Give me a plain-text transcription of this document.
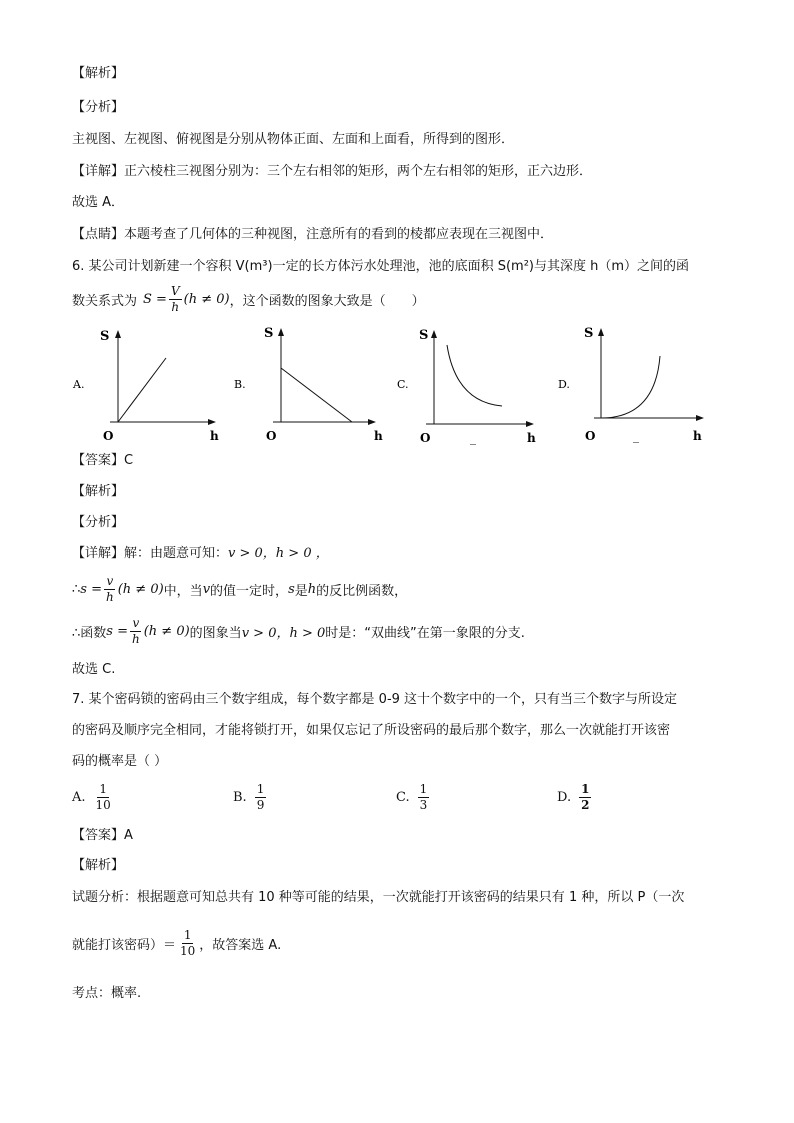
【解析】
【分析】
主视图、左视图、俯视图是分别从物体正面、左面和上面看，所得到的图形．
【详解】正六棱柱三视图分别为：三个左右相邻的矩形，两个左右相邻的矩形，正六边形．
故选 A．
【点睛】本题考查了几何体的三种视图，注意所有的看到的棱都应表现在三视图中．
6. 某公司计划新建一个容积 V(m³)一定的长方体污水处理池，池的底面积 S(m²)与其深度 h（m）之间的函
数关系式为 $S = \frac{V}{h} (h \ne 0)$ ，这个函数的图象大致是（　　）
A.
S
O	h
B.
S
O	h
C.
S
O	_	h
D.
S
O	_	h
【答案】C
【解析】
【分析】
【详解】解：由题意可知：v > 0，h > 0 ，
∴ $s = \frac{v}{h} (h \ne 0)$ 中，当 v 的值一定时， s 是 h 的反比例函数，
∴函数 $s = \frac{v}{h} (h \ne 0)$ 的图象当 v > 0，h > 0 时是：“双曲线”在第一象限的分支.
故选 C.
7. 某个密码锁的密码由三个数字组成，每个数字都是 0-9 这十个数字中的一个，只有当三个数字与所设定
的密码及顺序完全相同，才能将锁打开，如果仅忘记了所设密码的最后那个数字，那么一次就能打开该密
码的概率是（ ）
A. $\frac{1}{10}$	B. $\frac{1}{9}$	C. $\frac{1}{3}$	D. $\frac{1}{2}$
【答案】A
【解析】
试题分析：根据题意可知总共有 10 种等可能的结果，一次就能打开该密码的结果只有 1 种，所以 P（一次
就能打该密码）＝ $\frac{1}{10}$ ，故答案选 A.
考点：概率.
